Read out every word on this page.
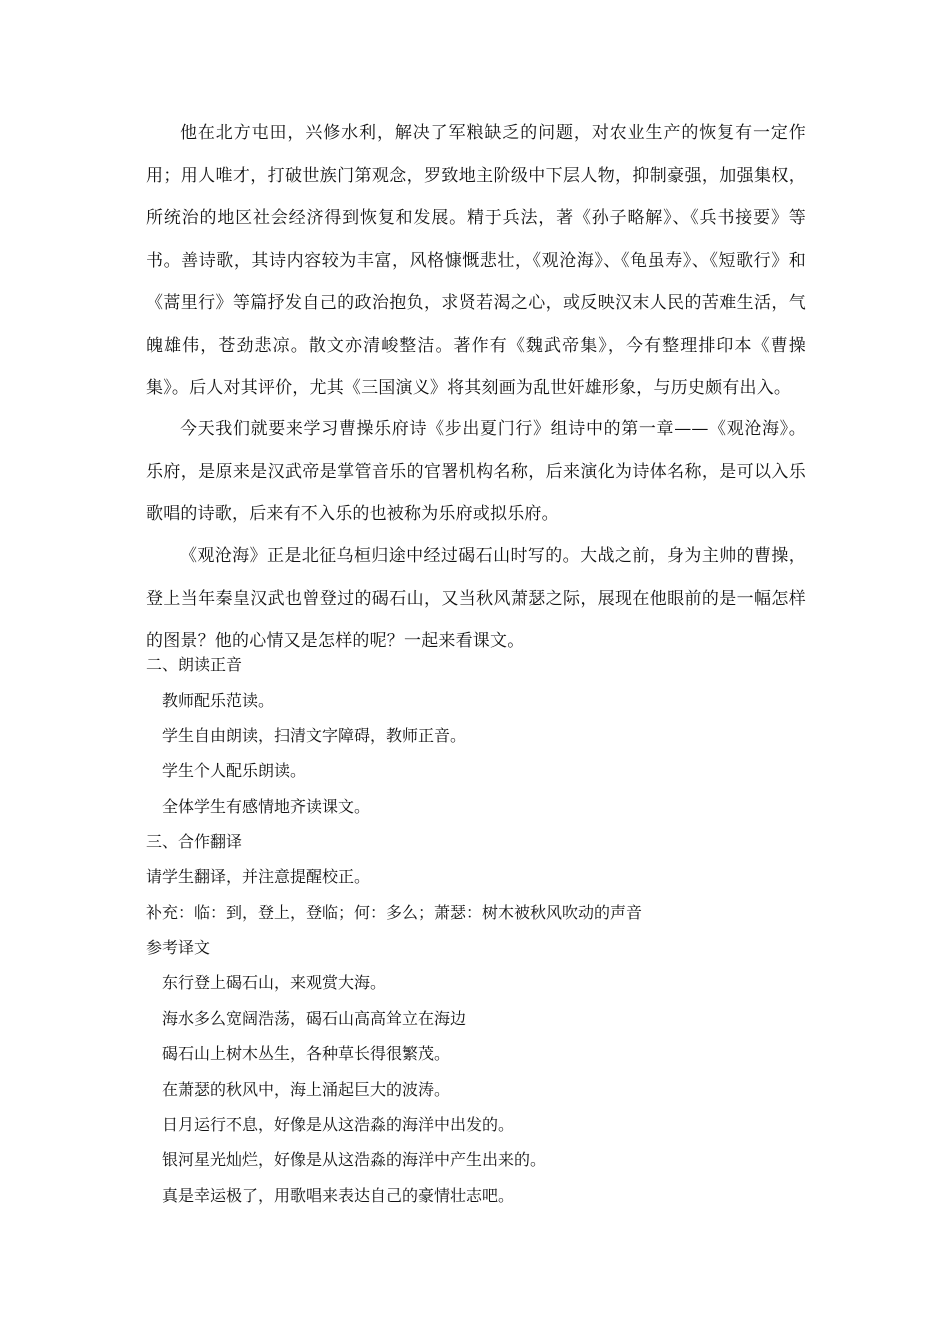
他在北方屯田，兴修水利，解决了军粮缺乏的问题，对农业生产的恢复有一定作用；用人唯才，打破世族门第观念，罗致地主阶级中下层人物，抑制豪强，加强集权，所统治的地区社会经济得到恢复和发展。精于兵法，著《孙子略解》、《兵书接要》等书。善诗歌，其诗内容较为丰富，风格慷慨悲壮，《观沧海》、《龟虽寿》、《短歌行》和《蒿里行》等篇抒发自己的政治抱负，求贤若渴之心，或反映汉末人民的苦难生活，气魄雄伟，苍劲悲凉。散文亦清峻整洁。著作有《魏武帝集》，今有整理排印本《曹操集》。后人对其评价，尤其《三国演义》将其刻画为乱世奸雄形象，与历史颇有出入。

今天我们就要来学习曹操乐府诗《步出夏门行》组诗中的第一章——《观沧海》。乐府，是原来是汉武帝是掌管音乐的官署机构名称，后来演化为诗体名称，是可以入乐歌唱的诗歌，后来有不入乐的也被称为乐府或拟乐府。

《观沧海》正是北征乌桓归途中经过碣石山时写的。大战之前，身为主帅的曹操，登上当年秦皇汉武也曾登过的碣石山，又当秋风萧瑟之际，展现在他眼前的是一幅怎样的图景？他的心情又是怎样的呢？一起来看课文。

二、朗读正音

教师配乐范读。

学生自由朗读，扫清文字障碍，教师正音。

学生个人配乐朗读。

全体学生有感情地齐读课文。

三、合作翻译

请学生翻译，并注意提醒校正。

补充：临：到，登上，登临；何：多么；萧瑟：树木被秋风吹动的声音

参考译文

东行登上碣石山，来观赏大海。

海水多么宽阔浩荡，碣石山高高耸立在海边

碣石山上树木丛生，各种草长得很繁茂。

在萧瑟的秋风中，海上涌起巨大的波涛。

日月运行不息，好像是从这浩淼的海洋中出发的。

银河星光灿烂，好像是从这浩淼的海洋中产生出来的。

真是幸运极了，用歌唱来表达自己的豪情壮志吧。
